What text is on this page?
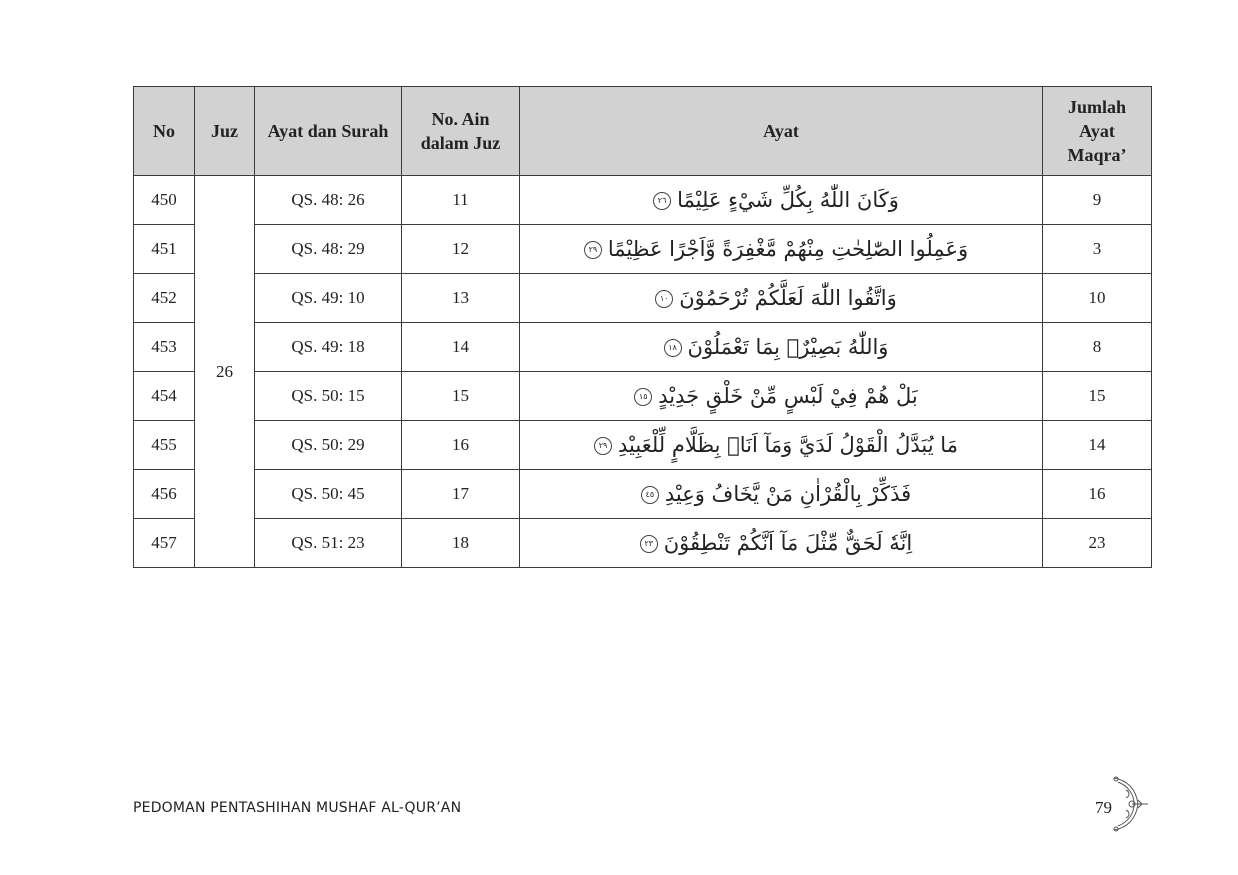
No	Juz	Ayat dan Surah	No. Ain dalam Juz	Ayat	Jumlah Ayat Maqra’
450	26	QS. 48: 26	11	وَكَانَ اللّٰهُ بِكُلِّ شَيْءٍ عَلِيْمًا٢٦	9
451		QS. 48: 29	12	وَعَمِلُوا الصّٰلِحٰتِ مِنْهُمْ مَّغْفِرَةً وَّاَجْرًا عَظِيْمًا٢٩	3
452		QS. 49: 10	13	وَاتَّقُوا اللّٰهَ لَعَلَّكُمْ تُرْحَمُوْنَ١٠	10
453		QS. 49: 18	14	وَاللّٰهُ بَصِيْرٌۢ بِمَا تَعْمَلُوْنَ١٨	8
454		QS. 50: 15	15	بَلْ هُمْ فِيْ لَبْسٍ مِّنْ خَلْقٍ جَدِيْدٍ١٥	15
455		QS. 50: 29	16	مَا يُبَدَّلُ الْقَوْلُ لَدَيَّ وَمَآ اَنَا۠ بِظَلَّامٍ لِّلْعَبِيْدِ٢٩	14
456		QS. 50: 45	17	فَذَكِّرْ بِالْقُرْاٰنِ مَنْ يَّخَافُ وَعِيْدِ٤٥	16
457		QS. 51: 23	18	اِنَّهٗ لَحَقٌّ مِّثْلَ مَآ اَنَّكُمْ تَنْطِقُوْنَ٢٣	23
PEDOMAN PENTASHIHAN MUSHAF AL-QUR’AN	79
